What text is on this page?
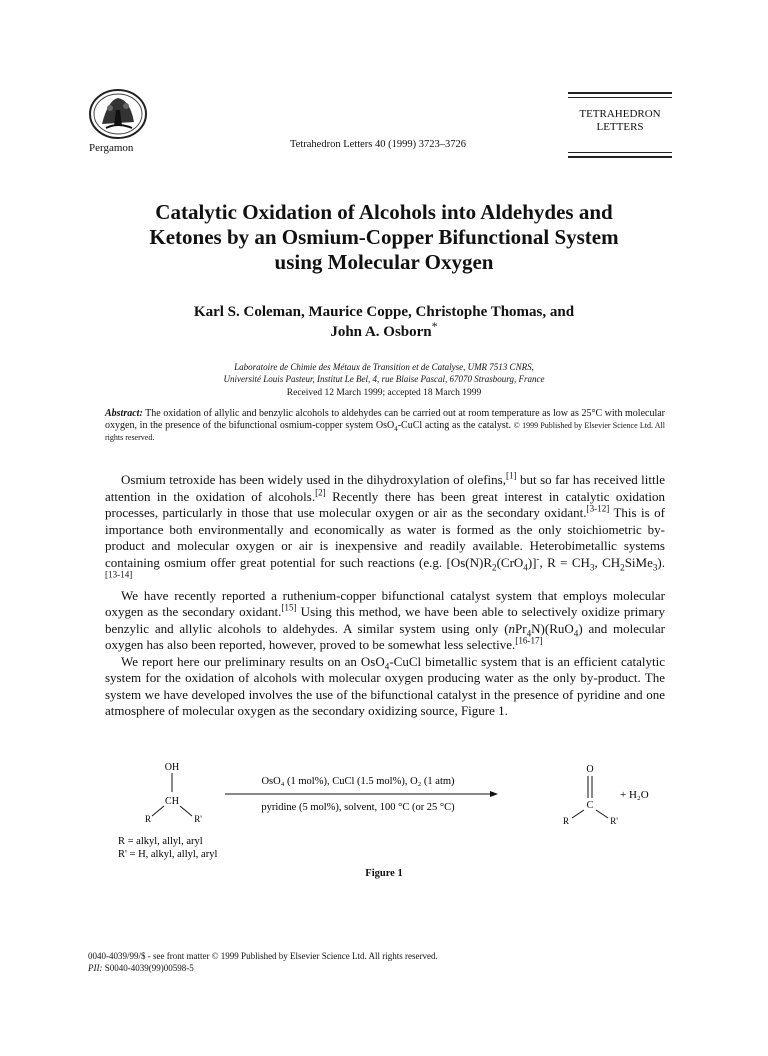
Pergamon	Tetrahedron Letters 40 (1999) 3723–3726
TETRAHEDRON
LETTERS
Catalytic Oxidation of Alcohols into Aldehydes and
Ketones by an Osmium-Copper Bifunctional System
using Molecular Oxygen
Karl S. Coleman, Maurice Coppe, Christophe Thomas, and
John A. Osborn*
Laboratoire de Chimie des Métaux de Transition et de Catalyse, UMR 7513 CNRS,
Université Louis Pasteur, Institut Le Bel, 4, rue Blaise Pascal, 67070 Strasbourg, France
Received 12 March 1999; accepted 18 March 1999
Abstract: The oxidation of allylic and benzylic alcohols to aldehydes can be carried out at room temperature as low as 25°C with molecular oxygen, in the presence of the bifunctional osmium-copper system OsO$_4$-CuCl acting as the catalyst. © 1999 Published by Elsevier Science Ltd. All rights reserved.

Osmium tetroxide has been widely used in the dihydroxylation of olefins,[1] but so far has received little attention in the oxidation of alcohols.[2] Recently there has been great interest in catalytic oxidation processes, particularly in those that use molecular oxygen or air as the secondary oxidant.[3-12] This is of importance both environmentally and economically as water is formed as the only stoichiometric by-product and molecular oxygen or air is inexpensive and readily available. Heterobimetallic systems containing osmium offer great potential for such reactions (e.g. $[Os(N)R_2(CrO_4)]^-$, $R = CH_3$, $CH_2SiMe_3).[13-14]$

We have recently reported a ruthenium-copper bifunctional catalyst system that employs molecular oxygen as the secondary oxidant.[15] Using this method, we have been able to selectively oxidize primary benzylic and allylic alcohols to aldehydes. A similar system using only (nPr$_4$N)(RuO$_4$) and molecular oxygen has also been reported, however, proved to be somewhat less selective.[16-17]

We report here our preliminary results on an OsO$_4$-CuCl bimetallic system that is an efficient catalytic system for the oxidation of alcohols with molecular oxygen producing water as the only by-product. The system we have developed involves the use of the bifunctional catalyst in the presence of pyridine and one atmosphere of molecular oxygen as the secondary oxidizing source, Figure 1.

OH
CH
R	R'
OsO₄ (1 mol%), CuCl (1.5 mol%), O₂ (1 atm)
pyridine (5 mol%), solvent, 100 °C (or 25 °C)
O
C
R	R'
+ H₂O
R = alkyl, allyl, aryl
R' = H, alkyl, allyl, aryl
Figure 1
0040-4039/99/$ - see front matter © 1999 Published by Elsevier Science Ltd. All rights reserved.
PII: S0040-4039(99)00598-5
